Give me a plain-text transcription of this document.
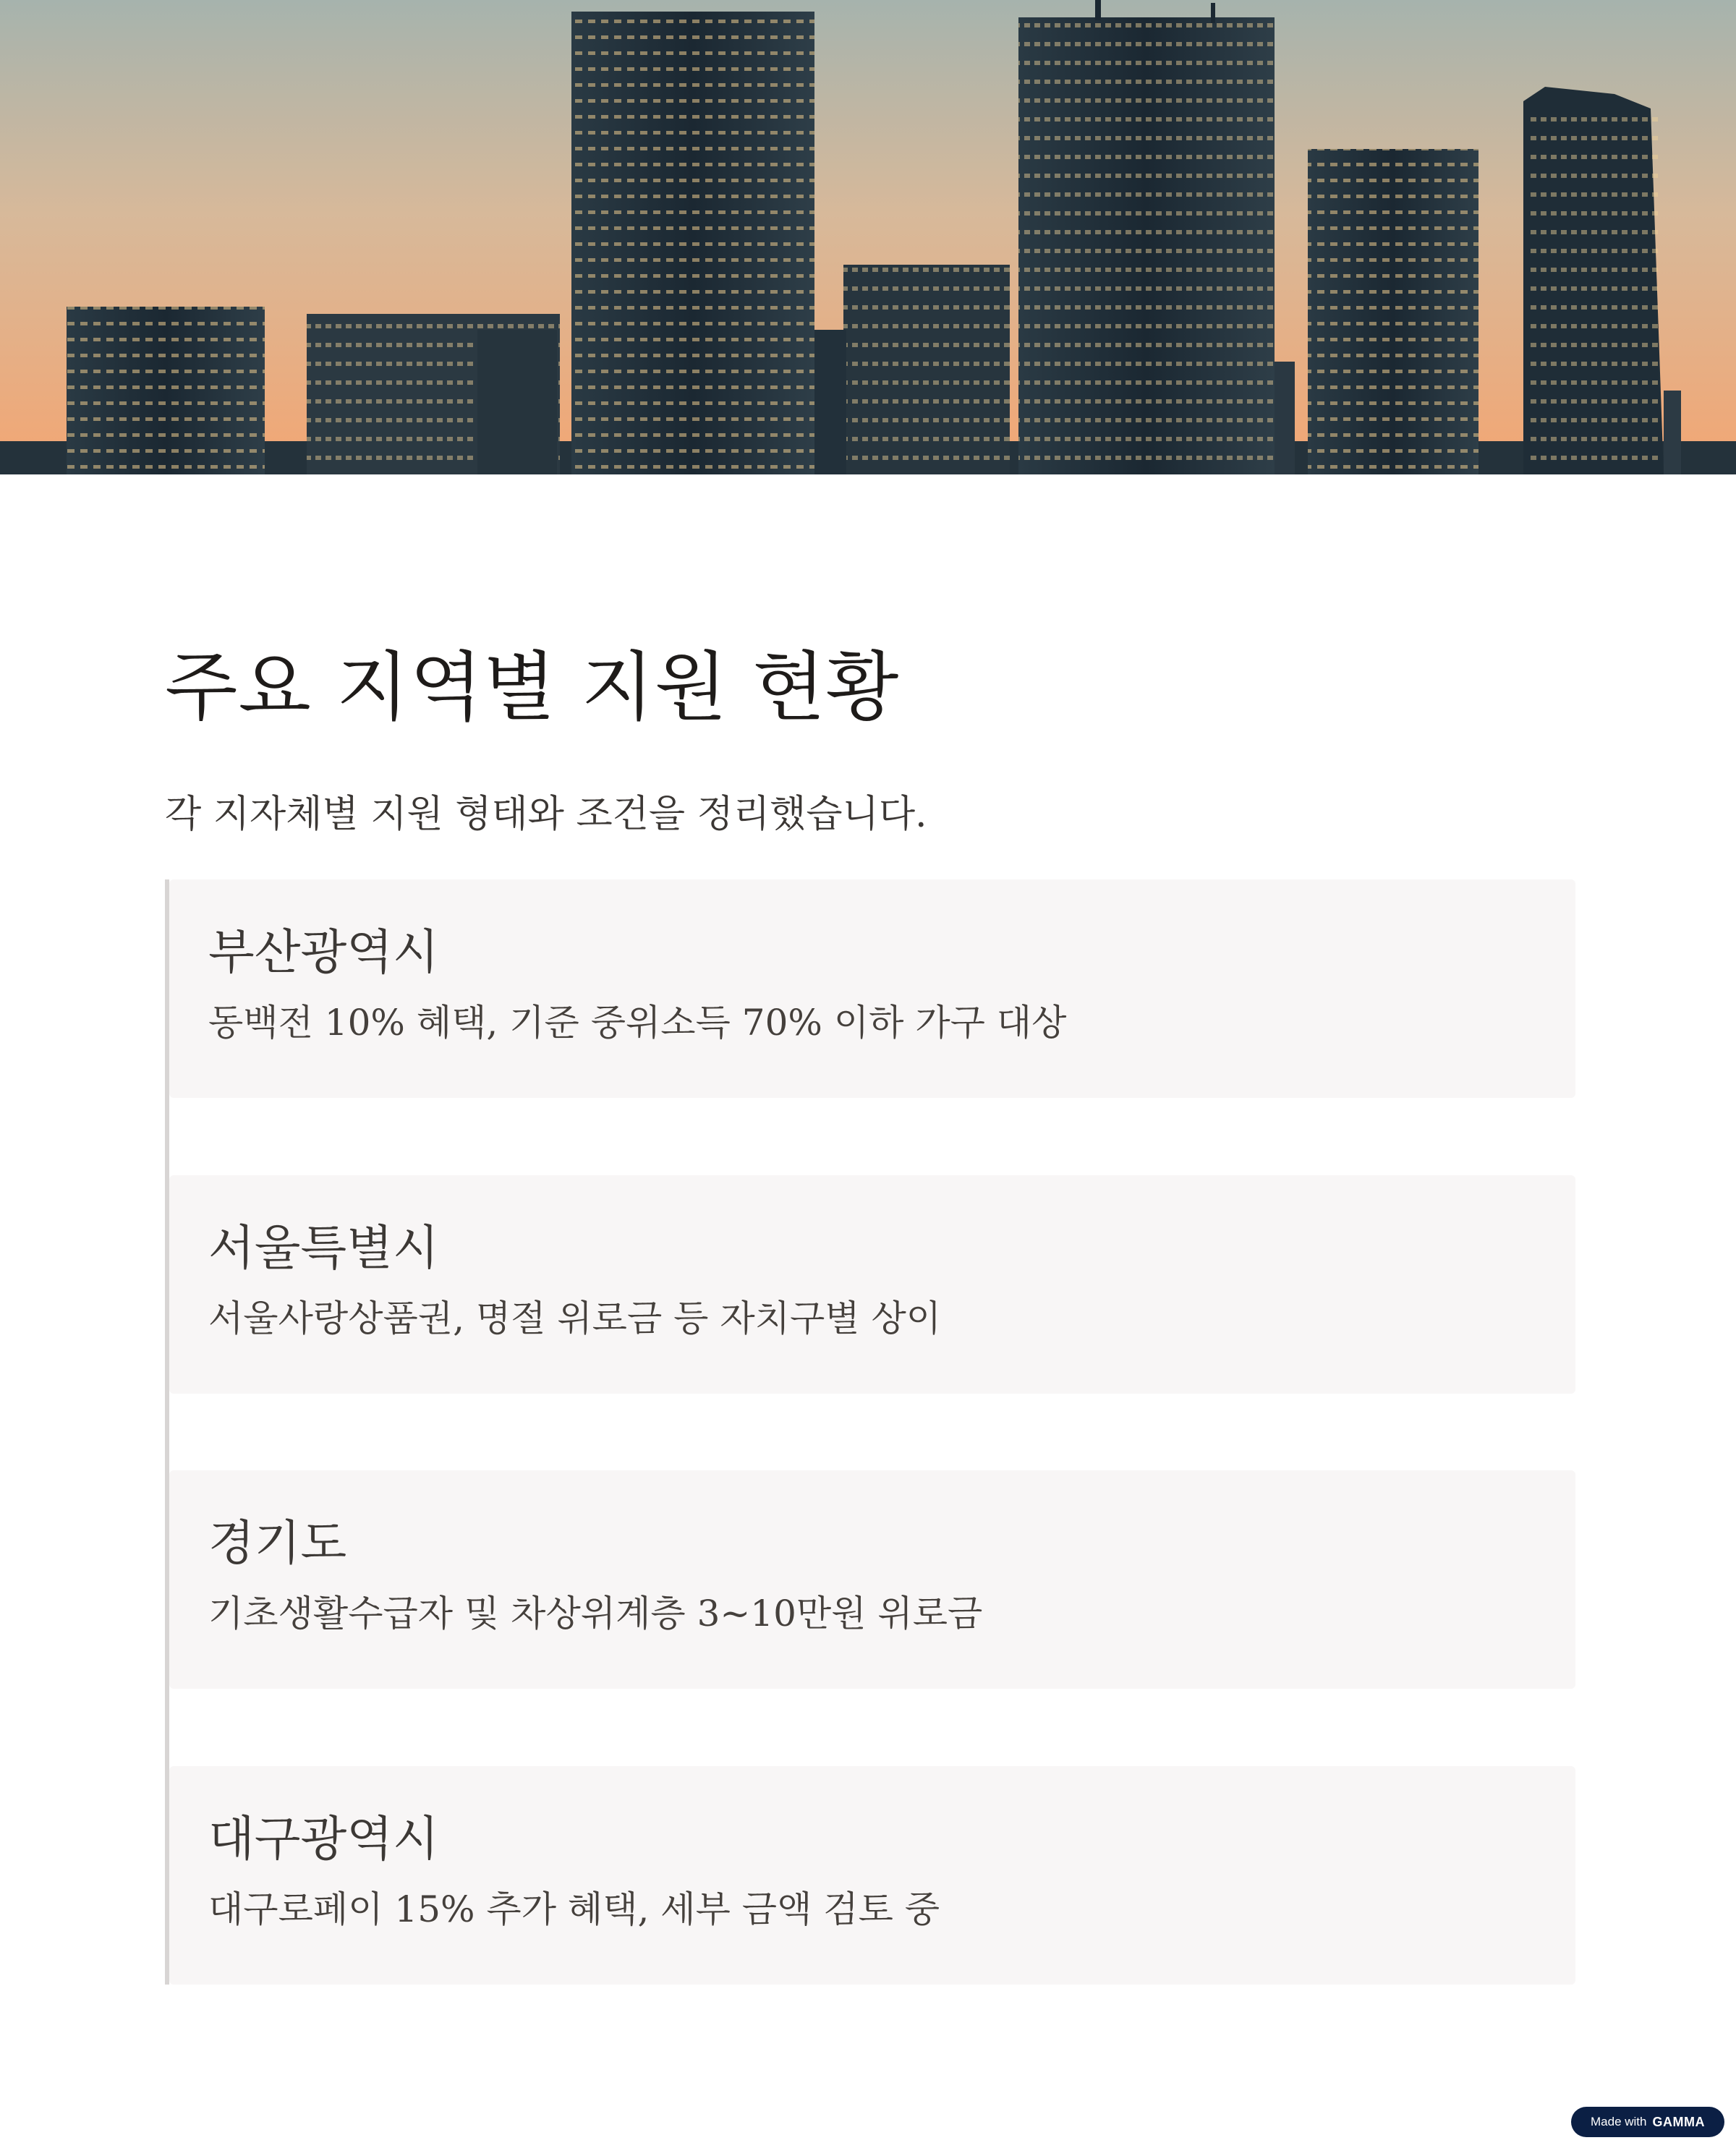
주요 지역별 지원 현황

각 지자체별 지원 형태와 조건을 정리했습니다.

부산광역시

동백전 10% 혜택, 기준 중위소득 70% 이하 가구 대상

서울특별시

서울사랑상품권, 명절 위로금 등 자치구별 상이

경기도

기초생활수급자 및 차상위계층 3~10만원 위로금

대구광역시

대구로페이 15% 추가 혜택, 세부 금액 검토 중

Made with GAMMA
